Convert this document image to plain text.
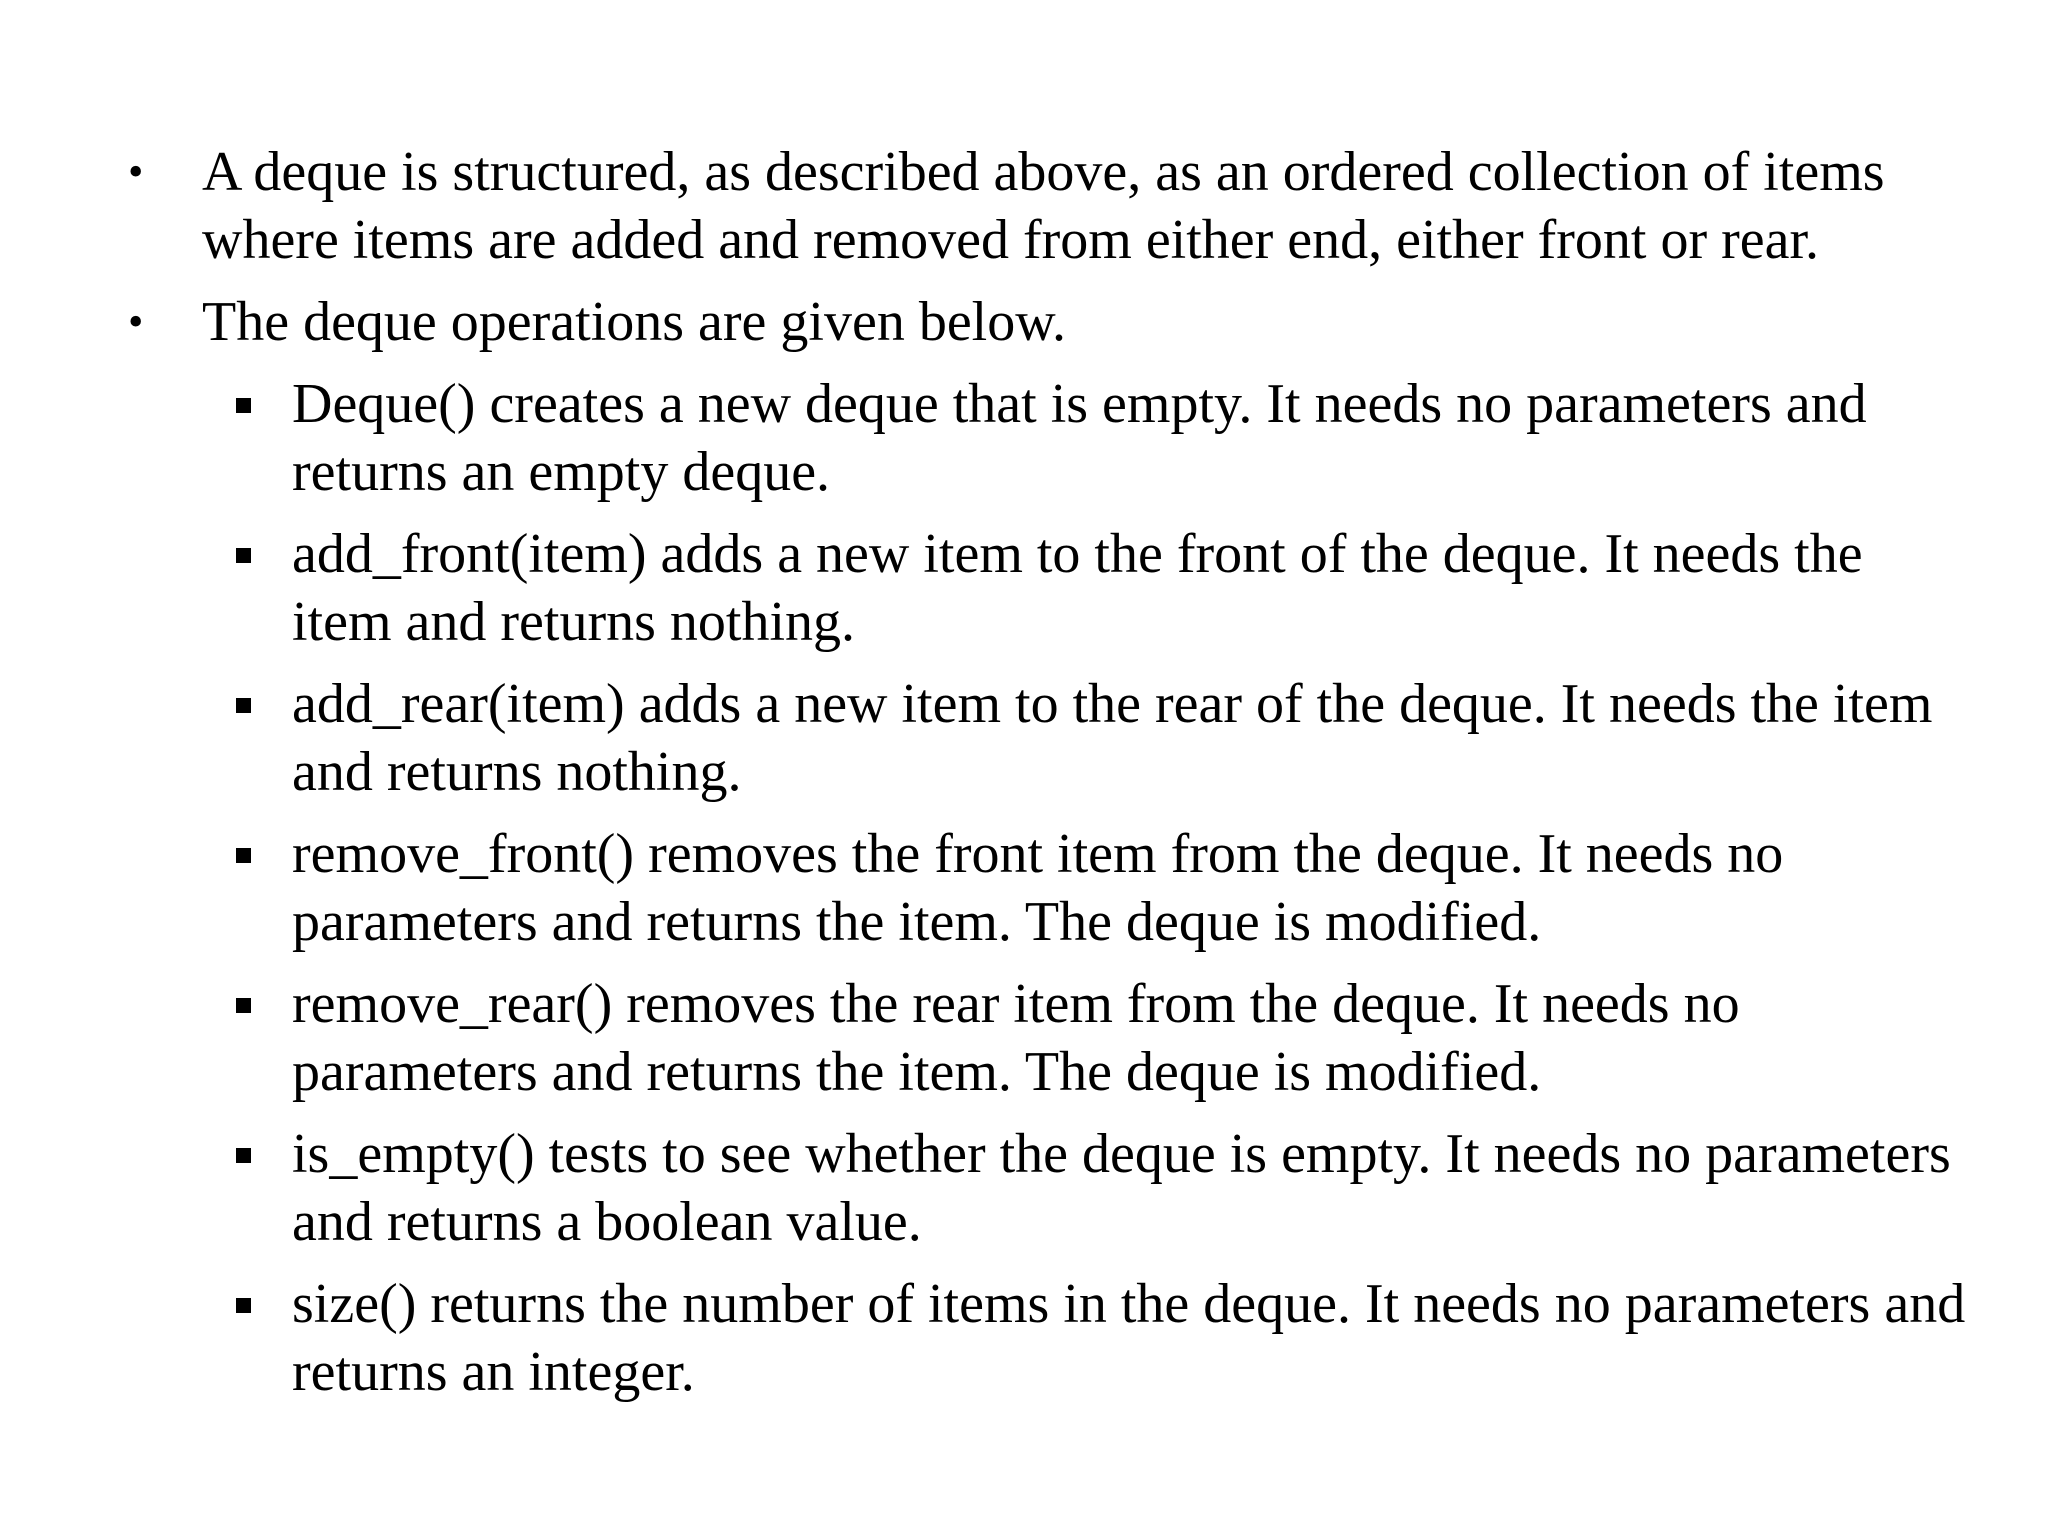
• A deque is structured, as described above, as an ordered collection of items where items are added and removed from either end, either front or rear.
• The deque operations are given below.
Deque() creates a new deque that is empty. It needs no parameters and returns an empty deque.
add_front(item) adds a new item to the front of the deque. It needs the item and returns nothing.
add_rear(item) adds a new item to the rear of the deque. It needs the item and returns nothing.
remove_front() removes the front item from the deque. It needs no parameters and returns the item. The deque is modified.
remove_rear() removes the rear item from the deque. It needs no parameters and returns the item. The deque is modified.
is_empty() tests to see whether the deque is empty. It needs no parameters and returns a boolean value.
size() returns the number of items in the deque. It needs no parameters and returns an integer.
